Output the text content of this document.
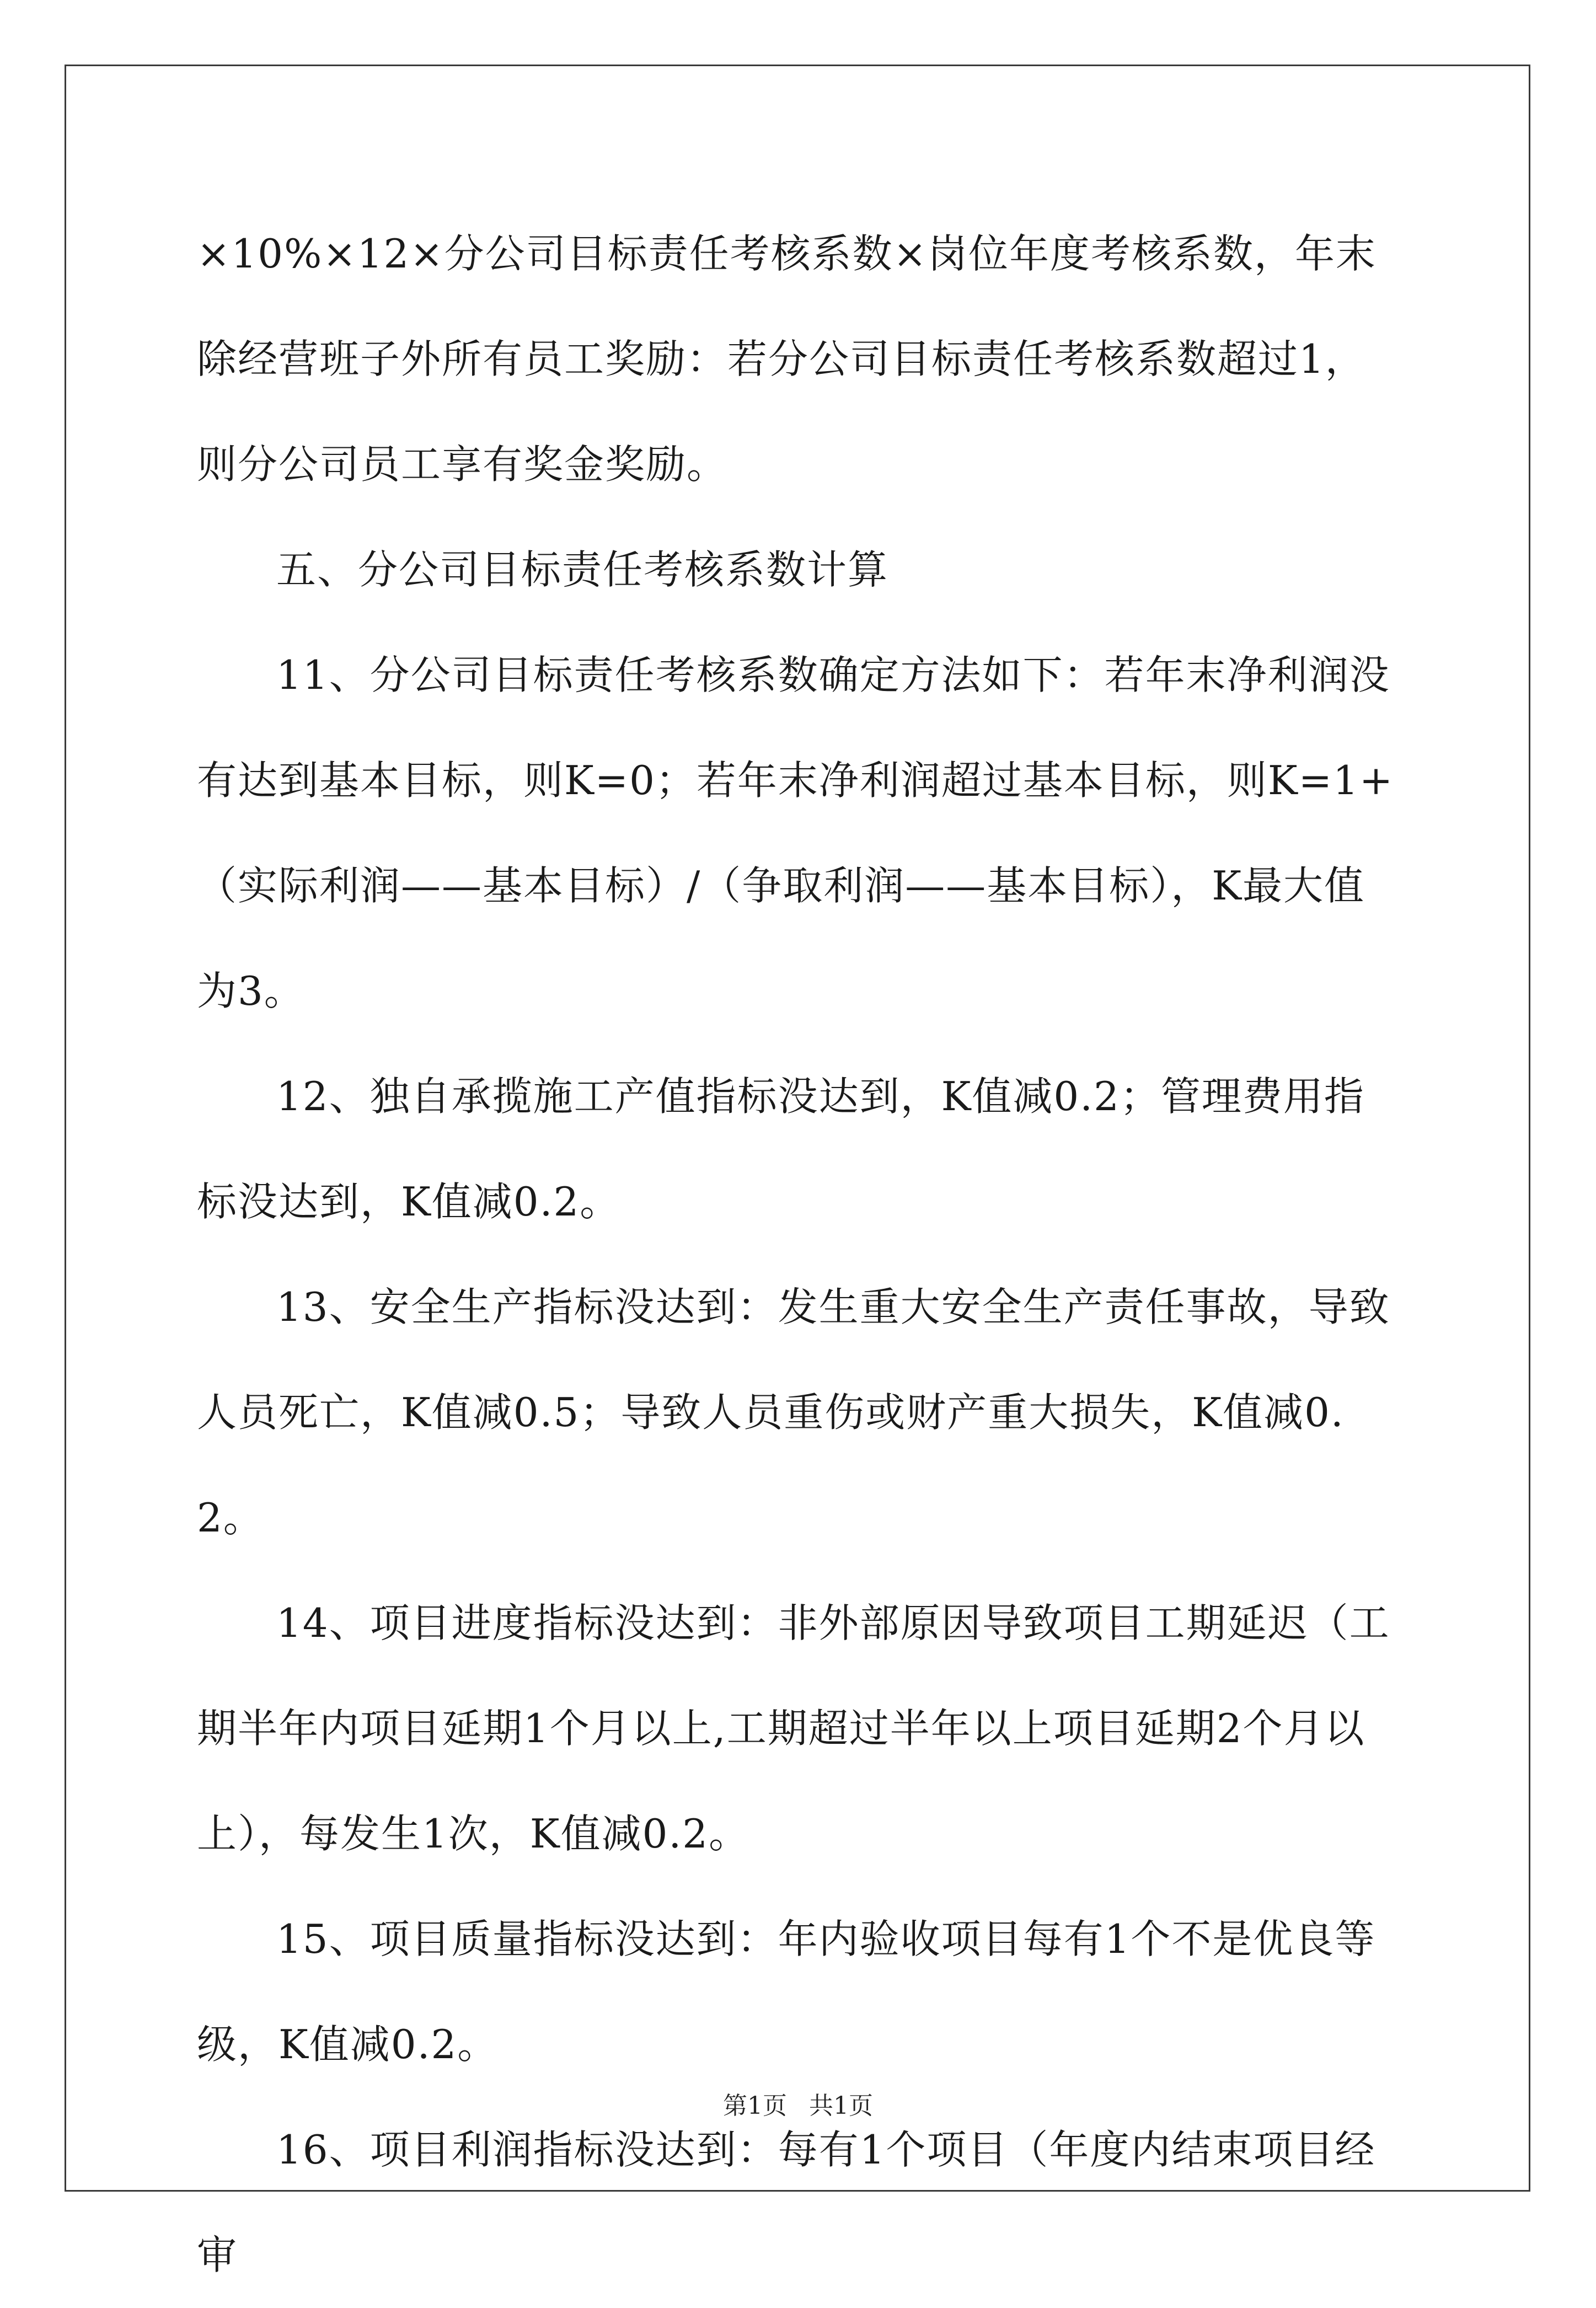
×10%×12×分公司目标责任考核系数×岗位年度考核系数，年末除经营班子外所有员工奖励：若分公司目标责任考核系数超过1，则分公司员工享有奖金奖励。

五、分公司目标责任考核系数计算

11、分公司目标责任考核系数确定方法如下：若年末净利润没有达到基本目标，则K=0；若年末净利润超过基本目标，则K=1+（实际利润——基本目标）/（争取利润——基本目标），K最大值为3。

12、独自承揽施工产值指标没达到，K值减0.2；管理费用指标没达到，K值减0.2。

13、安全生产指标没达到：发生重大安全生产责任事故，导致人员死亡，K值减0.5；导致人员重伤或财产重大损失，K值减0.2。

14、项目进度指标没达到：非外部原因导致项目工期延迟（工期半年内项目延期1个月以上,工期超过半年以上项目延期2个月以上），每发生1次，K值减0.2。

15、项目质量指标没达到：年内验收项目每有1个不是优良等级，K值减0.2。

16、项目利润指标没达到：每有1个项目（年度内结束项目经审

第1页 共1页
